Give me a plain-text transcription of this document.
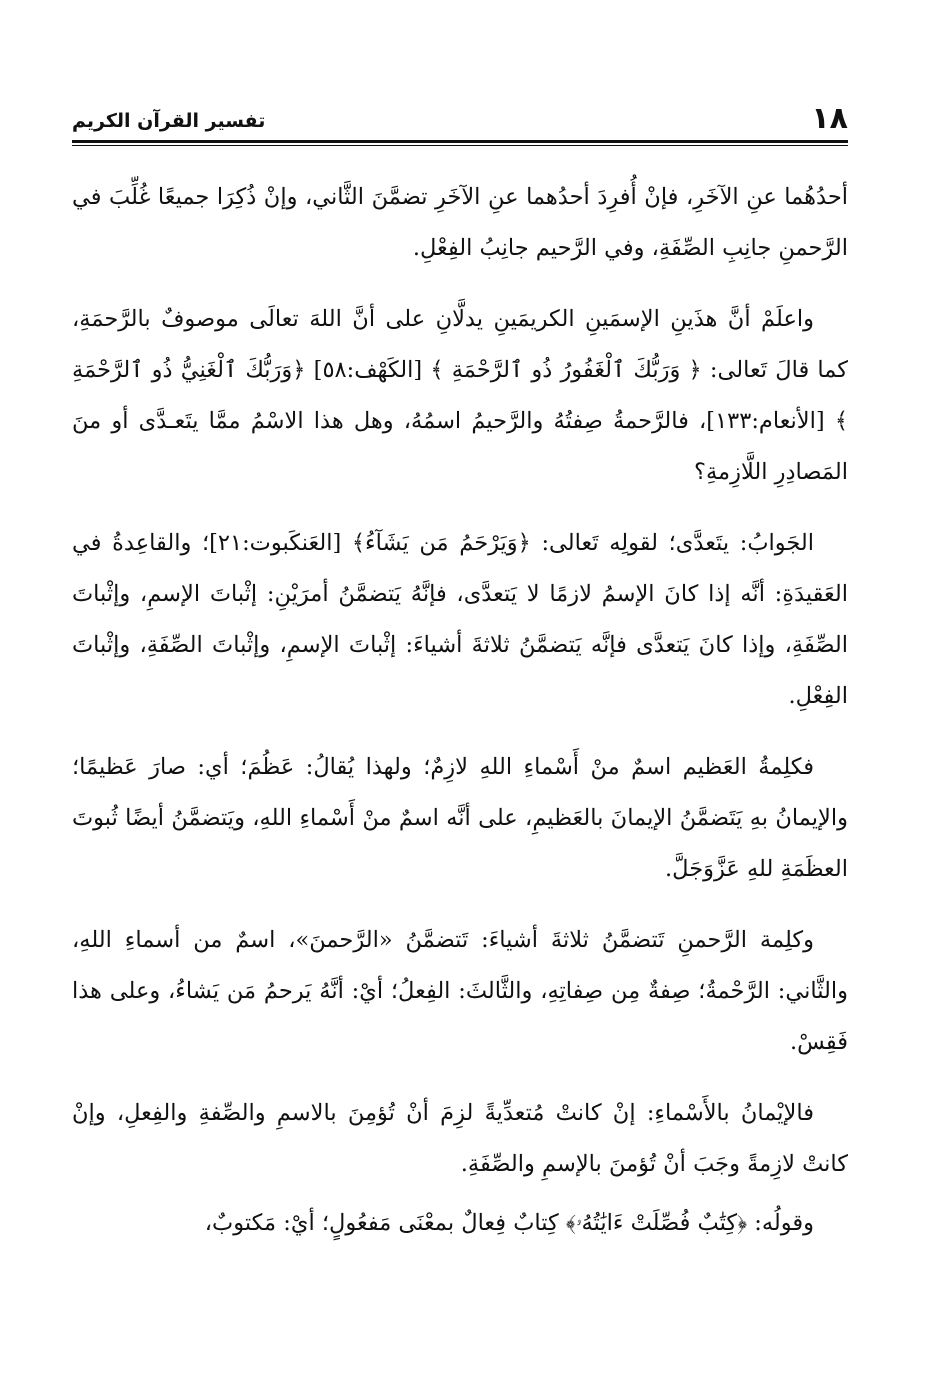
١٨
تفسير القرآن الكريم

أحدُهُما عنِ الآخَرِ، فإنْ أُفرِدَ أحدُهما عنِ الآخَرِ تضمَّنَ الثَّاني، وإنْ ذُكِرَا جميعًا غُلِّبَ في الرَّحمنِ جانِبِ الصِّفَةِ، وفي الرَّحيم جانِبُ الفِعْلِ.

واعلَمْ أنَّ هذَينِ الإسمَينِ الكريمَينِ يدلَّانِ على أنَّ اللهَ تعالَى موصوفٌ بالرَّحمَةِ، كما قالَ تَعالى: ﴿ وَرَبُّكَ ٱلْغَفُورُ ذُو ٱلرَّحْمَةِ ﴾ [الكَهْف:٥٨] ﴿وَرَبُّكَ ٱلْغَنِيُّ ذُو ٱلرَّحْمَةِ ﴾ [الأنعام:١٣٣]، فالرَّحمةُ صِفتُهُ والرَّحيمُ اسمُهُ، وهل هذا الاسْمُ ممَّا يتَعـدَّى أو منَ المَصادِرِ اللَّازِمةِ؟

الجَوابُ: يتَعدَّى؛ لقولِه تَعالى: ﴿وَيَرْحَمُ مَن يَشَآءُ﴾ [العَنكَبوت:٢١]؛ والقاعِدةُ في العَقيدَةِ: أنَّه إذا كانَ الإسمُ لازمًا لا يَتعدَّى، فإنَّهُ يَتضمَّنُ أمرَيْنِ: إثْباتَ الإسمِ، وإثْباتَ الصِّفَةِ، وإذا كانَ يَتعدَّى فإنَّه يَتضمَّنُ ثلاثةَ أشياءَ: إثْباتَ الإسمِ، وإثْباتَ الصِّفَةِ، وإثْباتَ الفِعْلِ.

فكلِمةُ العَظيم اسمٌ منْ أَسْماءِ اللهِ لازِمٌ؛ ولهذا يُقالُ: عَظُمَ؛ أي: صارَ عَظيمًا؛ والإيمانُ بهِ يَتَضمَّنُ الإيمانَ بالعَظيمِ، على أنَّه اسمٌ منْ أَسْماءِ اللهِ، ويَتضمَّنُ أيضًا ثُبوتَ العظَمَةِ للهِ عَزَّوَجَلَّ.

وكلِمة الرَّحمنِ تَتضمَّنُ ثلاثةَ أشياءَ: تَتضمَّنُ «الرَّحمنَ»، اسمٌ من أسماءِ اللهِ، والثَّاني: الرَّحْمةُ؛ صِفةٌ مِن صِفاتِهِ، والثَّالثَ: الفِعلُ؛ أيْ: أنَّهُ يَرحمُ مَن يَشاءُ، وعلى هذا فَقِسْ.

فالإيْمانُ بالأَسْماءِ: إنْ كانتْ مُتعدِّيةً لزِمَ أنْ تُؤمِنَ بالاسمِ والصِّفةِ والفِعلِ، وإنْ كانتْ لازِمةً وجَبَ أنْ تُؤمنَ بالإسمِ والصِّفَةِ.

وقولُه: ﴿كِتَٰبٌ فُصِّلَتْ ءَايَٰتُهُۥ﴾ كِتابٌ فِعالٌ بمعْنَى مَفعُولٍ؛ أيْ: مَكتوبٌ،
